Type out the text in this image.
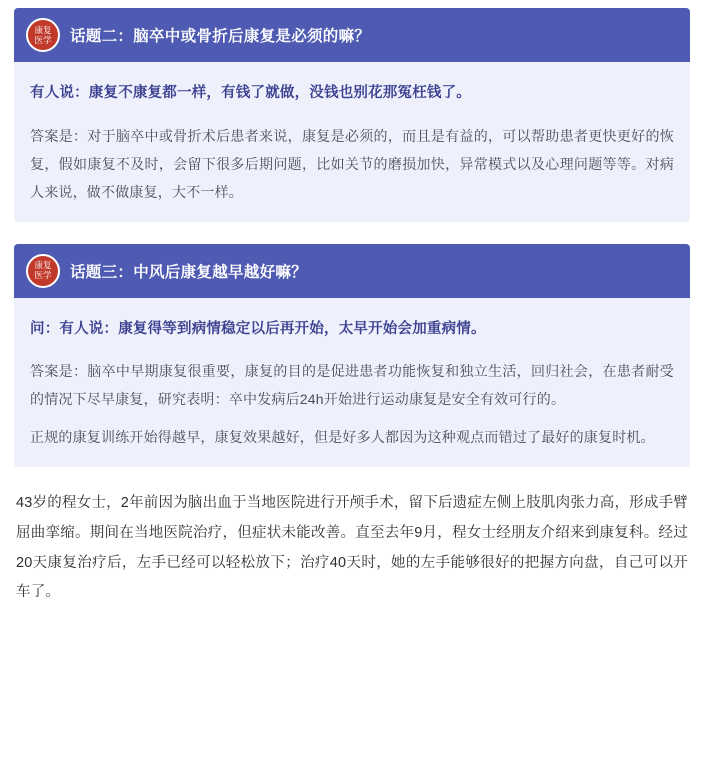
康复
医学 话题二：脑卒中或骨折后康复是必须的嘛？
有人说：康复不康复都一样，有钱了就做，没钱也别花那冤枉钱了。
答案是：对于脑卒中或骨折术后患者来说，康复是必须的，而且是有益的，可以帮助患者更快更好的恢复，假如康复不及时，会留下很多后期问题，比如关节的磨损加快，异常模式以及心理问题等等。对病人来说，做不做康复，大不一样。
康复
医学 话题三：中风后康复越早越好嘛？
问：有人说：康复得等到病情稳定以后再开始，太早开始会加重病情。
答案是：脑卒中早期康复很重要，康复的目的是促进患者功能恢复和独立生活，回归社会，在患者耐受的情况下尽早康复，研究表明：卒中发病后24h开始进行运动康复是安全有效可行的。
正规的康复训练开始得越早，康复效果越好，但是好多人都因为这种观点而错过了最好的康复时机。
43岁的程女士，2年前因为脑出血于当地医院进行开颅手术，留下后遗症左侧上肢肌肉张力高，形成手臂屈曲挛缩。期间在当地医院治疗，但症状未能改善。直至去年9月，程女士经朋友介绍来到康复科。经过20天康复治疗后，左手已经可以轻松放下；治疗40天时，她的左手能够很好的把握方向盘，自己可以开车了。
